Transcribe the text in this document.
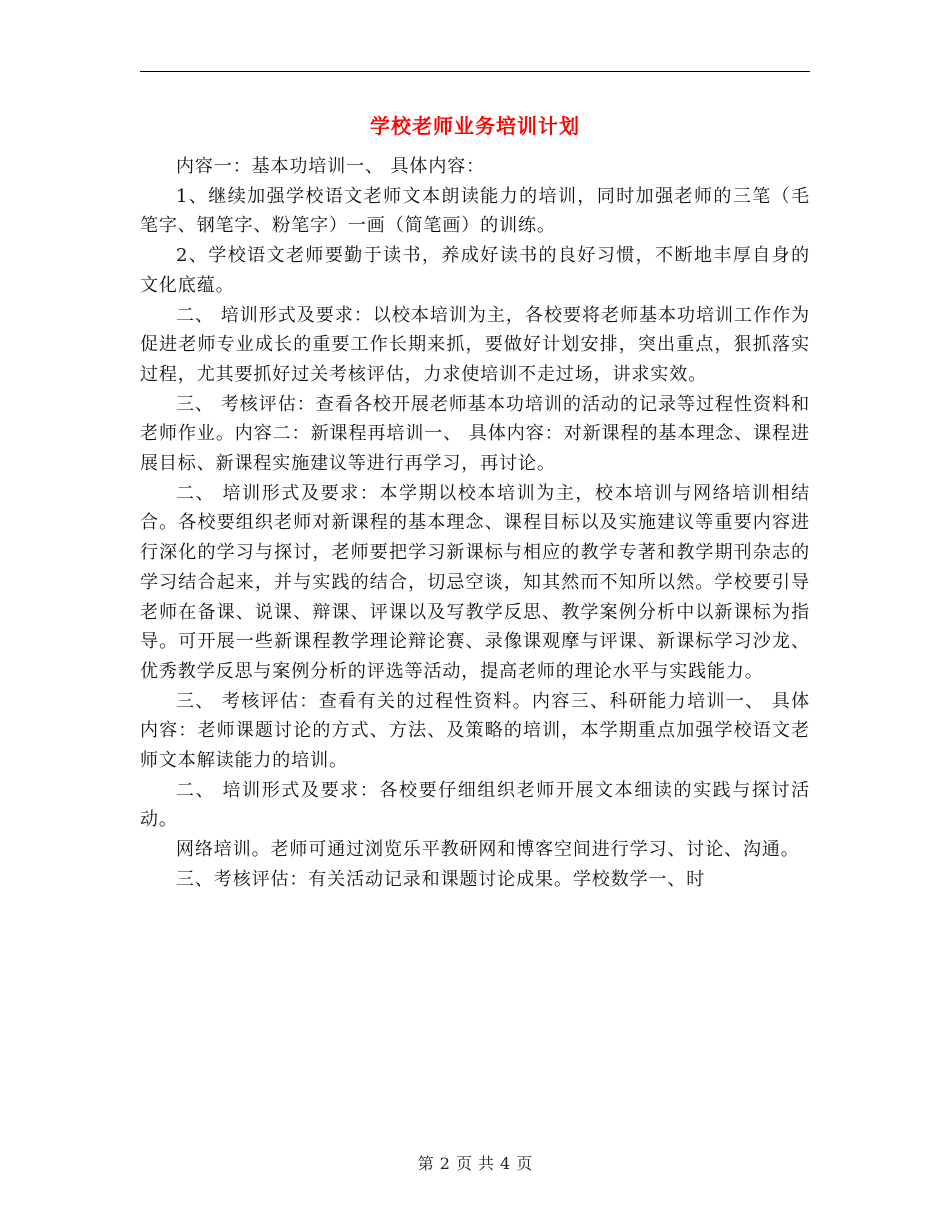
学校老师业务培训计划

内容一：基本功培训一、 具体内容：

1、继续加强学校语文老师文本朗读能力的培训，同时加强老师的三笔（毛笔字、钢笔字、粉笔字）一画（简笔画）的训练。

2、学校语文老师要勤于读书，养成好读书的良好习惯，不断地丰厚自身的文化底蕴。

二、 培训形式及要求：以校本培训为主，各校要将老师基本功培训工作作为促进老师专业成长的重要工作长期来抓，要做好计划安排，突出重点，狠抓落实过程，尤其要抓好过关考核评估，力求使培训不走过场，讲求实效。

三、 考核评估：查看各校开展老师基本功培训的活动的记录等过程性资料和老师作业。内容二：新课程再培训一、 具体内容：对新课程的基本理念、课程进展目标、新课程实施建议等进行再学习，再讨论。

二、 培训形式及要求：本学期以校本培训为主，校本培训与网络培训相结合。各校要组织老师对新课程的基本理念、课程目标以及实施建议等重要内容进行深化的学习与探讨，老师要把学习新课标与相应的教学专著和教学期刊杂志的学习结合起来，并与实践的结合，切忌空谈，知其然而不知所以然。学校要引导老师在备课、说课、辩课、评课以及写教学反思、教学案例分析中以新课标为指导。可开展一些新课程教学理论辩论赛、录像课观摩与评课、新课标学习沙龙、优秀教学反思与案例分析的评选等活动，提高老师的理论水平与实践能力。

三、 考核评估：查看有关的过程性资料。内容三、科研能力培训一、 具体内容：老师课题讨论的方式、方法、及策略的培训，本学期重点加强学校语文老师文本解读能力的培训。

二、 培训形式及要求：各校要仔细组织老师开展文本细读的实践与探讨活动。

网络培训。老师可通过浏览乐平教研网和博客空间进行学习、讨论、沟通。

三、考核评估：有关活动记录和课题讨论成果。学校数学一、时

第 2 页 共 4 页
